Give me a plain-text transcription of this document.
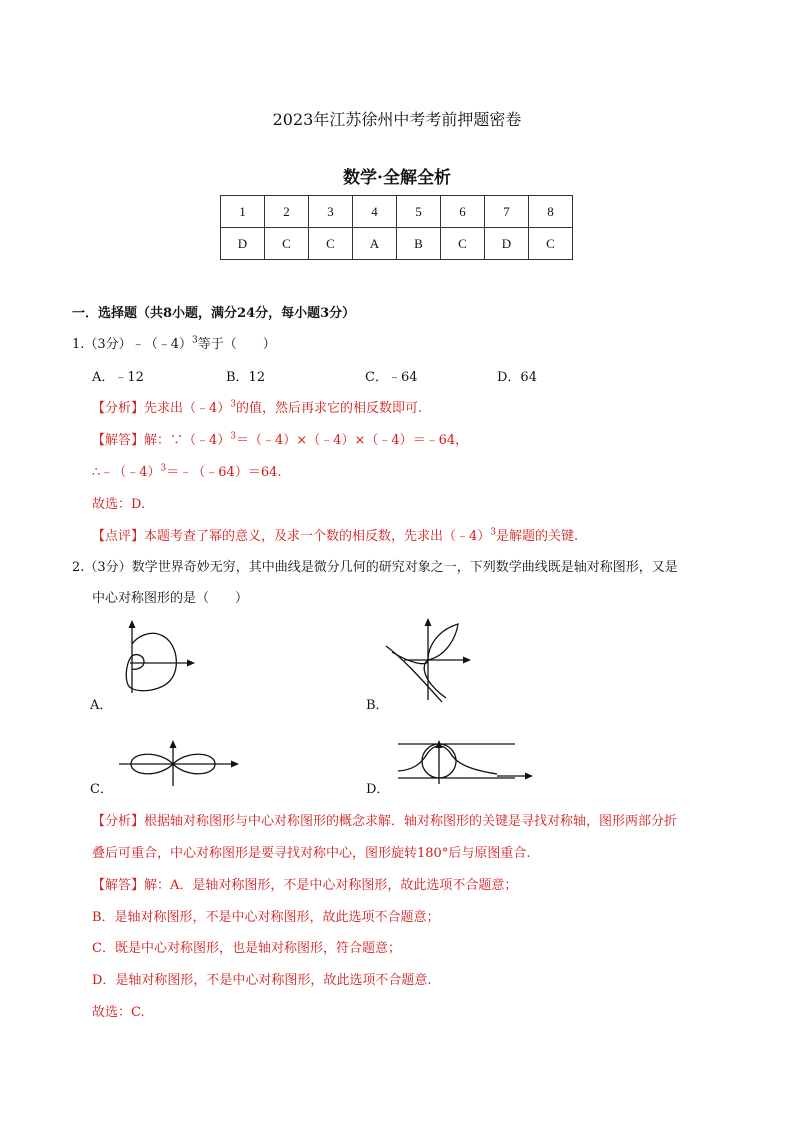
2023年江苏徐州中考考前押题密卷
数学·全解全析
1	2	3	4	5	6	7	8
D	C	C	A	B	C	D	C
一．选择题（共8小题，满分24分，每小题3分）
1.（3分）﹣（﹣4）$^3$等于（　　）
A．﹣12	B．12	C．﹣64	D．64
【分析】先求出（﹣4）$^3$的值，然后再求它的相反数即可.
【解答】解：∵（﹣4）$^3$＝（﹣4）×（﹣4）×（﹣4）＝﹣64，
∴﹣（﹣4）$^3$＝﹣（﹣64）＝64.
故选：D.
【点评】本题考查了幂的意义，及求一个数的相反数，先求出（﹣4）$^3$是解题的关键.
2.（3分）数学世界奇妙无穷，其中曲线是微分几何的研究对象之一，下列数学曲线既是轴对称图形，又是
中心对称图形的是（　　）
A．	B．
C．	D．
【分析】根据轴对称图形与中心对称图形的概念求解．轴对称图形的关键是寻找对称轴，图形两部分折
叠后可重合，中心对称图形是要寻找对称中心，图形旋转180°后与原图重合.
【解答】解：A．是轴对称图形，不是中心对称图形，故此选项不合题意；
B．是轴对称图形，不是中心对称图形，故此选项不合题意；
C．既是中心对称图形，也是轴对称图形，符合题意；
D．是轴对称图形，不是中心对称图形，故此选项不合题意.
故选：C.
